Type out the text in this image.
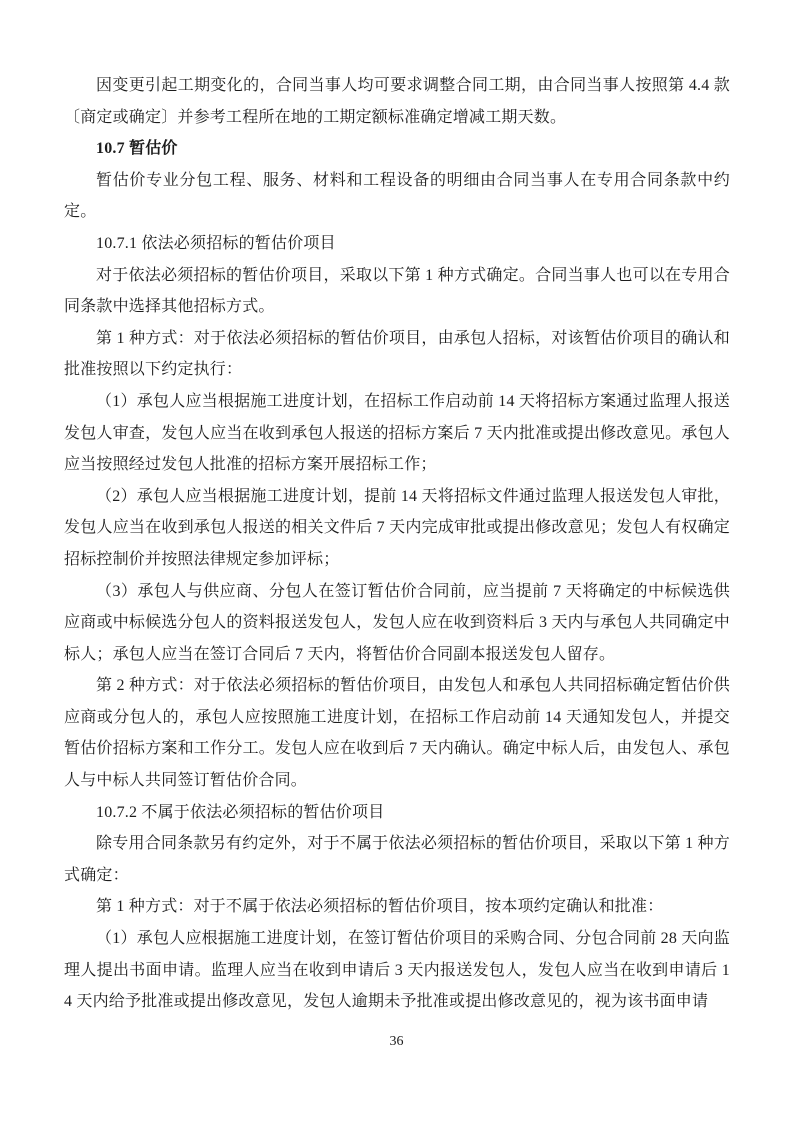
因变更引起工期变化的，合同当事人均可要求调整合同工期，由合同当事人按照第 4.4 款〔商定或确定〕并参考工程所在地的工期定额标准确定增减工期天数。

10.7 暂估价

暂估价专业分包工程、服务、材料和工程设备的明细由合同当事人在专用合同条款中约定。

10.7.1 依法必须招标的暂估价项目

对于依法必须招标的暂估价项目，采取以下第 1 种方式确定。合同当事人也可以在专用合同条款中选择其他招标方式。

第 1 种方式：对于依法必须招标的暂估价项目，由承包人招标，对该暂估价项目的确认和批准按照以下约定执行：

（1）承包人应当根据施工进度计划，在招标工作启动前 14 天将招标方案通过监理人报送发包人审查，发包人应当在收到承包人报送的招标方案后 7 天内批准或提出修改意见。承包人应当按照经过发包人批准的招标方案开展招标工作；

（2）承包人应当根据施工进度计划，提前 14 天将招标文件通过监理人报送发包人审批，发包人应当在收到承包人报送的相关文件后 7 天内完成审批或提出修改意见；发包人有权确定招标控制价并按照法律规定参加评标；

（3）承包人与供应商、分包人在签订暂估价合同前，应当提前 7 天将确定的中标候选供应商或中标候选分包人的资料报送发包人，发包人应在收到资料后 3 天内与承包人共同确定中标人；承包人应当在签订合同后 7 天内，将暂估价合同副本报送发包人留存。

第 2 种方式：对于依法必须招标的暂估价项目，由发包人和承包人共同招标确定暂估价供应商或分包人的，承包人应按照施工进度计划，在招标工作启动前 14 天通知发包人，并提交暂估价招标方案和工作分工。发包人应在收到后 7 天内确认。确定中标人后，由发包人、承包人与中标人共同签订暂估价合同。

10.7.2 不属于依法必须招标的暂估价项目

除专用合同条款另有约定外，对于不属于依法必须招标的暂估价项目，采取以下第 1 种方式确定：

第 1 种方式：对于不属于依法必须招标的暂估价项目，按本项约定确认和批准：

（1）承包人应根据施工进度计划，在签订暂估价项目的采购合同、分包合同前 28 天向监理人提出书面申请。监理人应当在收到申请后 3 天内报送发包人，发包人应当在收到申请后 14 天内给予批准或提出修改意见，发包人逾期未予批准或提出修改意见的，视为该书面申请

36
